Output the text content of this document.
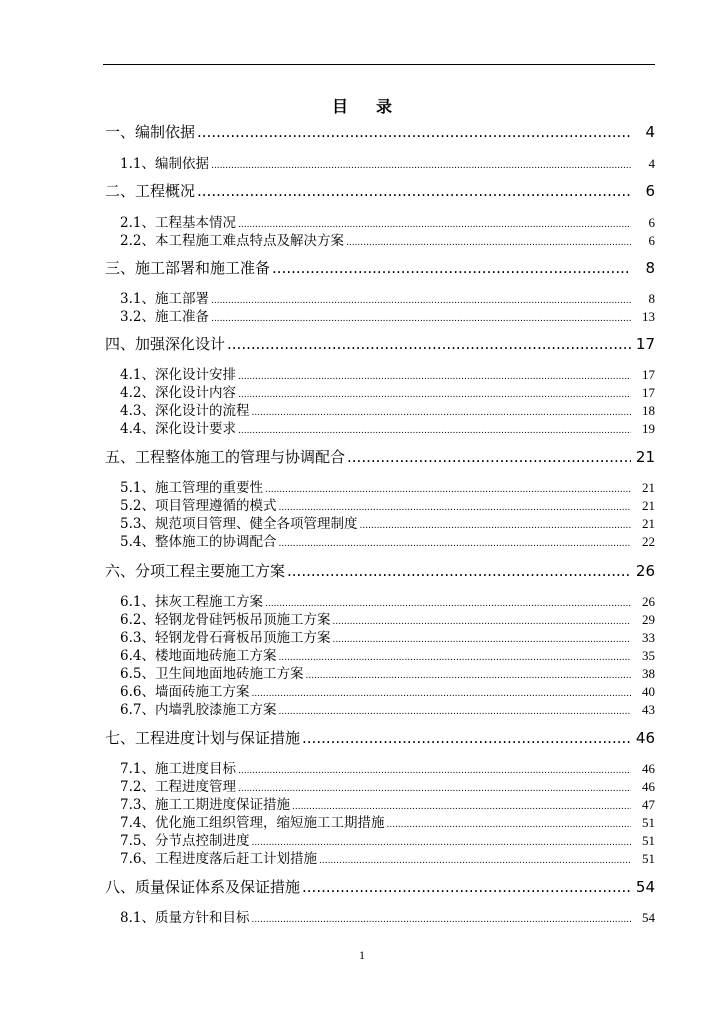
目 录
一、编制依据 .....	4
1.1、编制依据 .....	4
二、工程概况 .....	6
2.1、工程基本情况 .....	6
2.2、本工程施工难点特点及解决方案 .....	6
三、施工部署和施工准备 .....	8
3.1、施工部署 .....	8
3.2、施工准备 .....	13
四、加强深化设计 .....	17
4.1、深化设计安排 .....	17
4.2、深化设计内容 .....	17
4.3、深化设计的流程 .....	18
4.4、深化设计要求 .....	19
五、工程整体施工的管理与协调配合 .....	21
5.1、施工管理的重要性 .....	21
5.2、项目管理遵循的模式 .....	21
5.3、规范项目管理、健全各项管理制度 .....	21
5.4、整体施工的协调配合 .....	22
六、分项工程主要施工方案 .....	26
6.1、抹灰工程施工方案 .....	26
6.2、轻钢龙骨硅钙板吊顶施工方案 .....	29
6.3、轻钢龙骨石膏板吊顶施工方案 .....	33
6.4、楼地面地砖施工方案 .....	35
6.5、卫生间地面地砖施工方案 .....	38
6.6、墙面砖施工方案 .....	40
6.7、内墙乳胶漆施工方案 .....	43
七、工程进度计划与保证措施 .....	46
7.1、施工进度目标 .....	46
7.2、工程进度管理 .....	46
7.3、施工工期进度保证措施 .....	47
7.4、优化施工组织管理，缩短施工工期措施 .....	51
7.5、分节点控制进度 .....	51
7.6、工程进度落后赶工计划措施 .....	51
八、质量保证体系及保证措施 .....	54
8.1、质量方针和目标 .....	54
1
